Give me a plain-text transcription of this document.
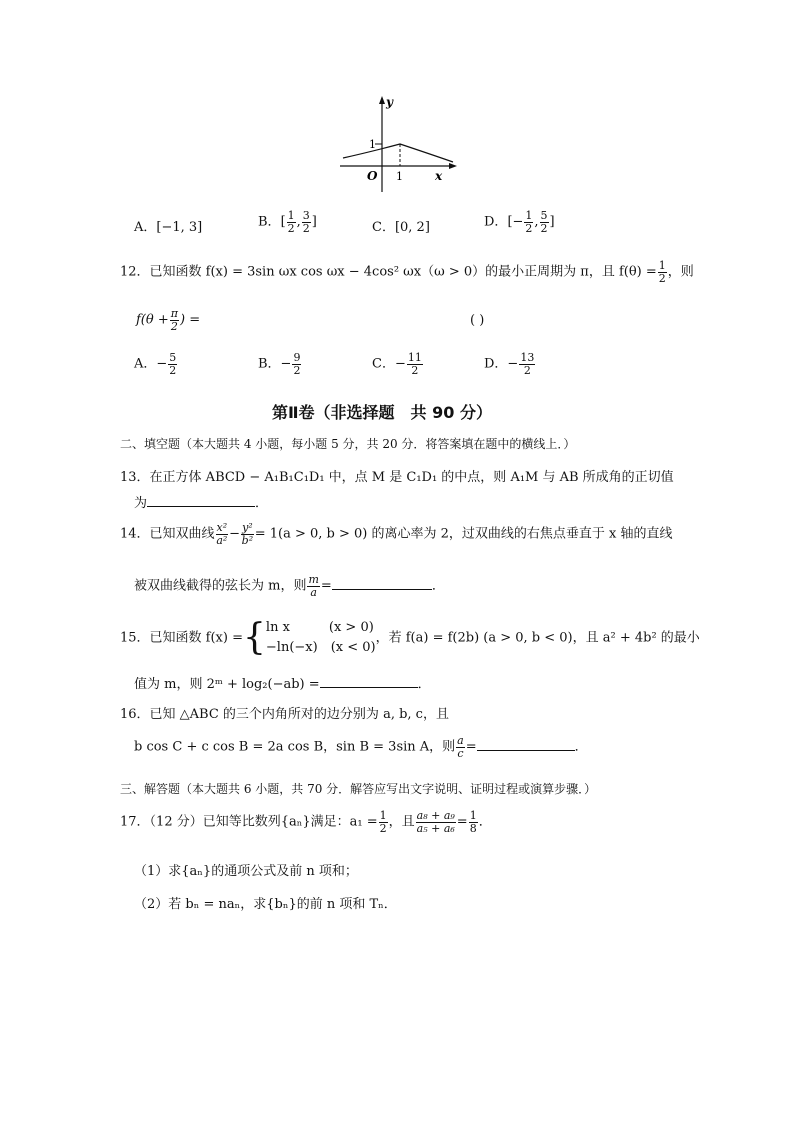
y
x
O 1
1
A．[−1, 3]	B．[ $\frac{1}{2}$ , $\frac{3}{2}$ ]	C．[0, 2]	D．[− $\frac{1}{2}$ , $\frac{5}{2}$ ]
12．已知函数 f(x) = 3sin ωx cos ωx − 4cos² ωx（ω > 0）的最小正周期为 π，且 $f(\theta) = \frac{1}{2}$ ，则
$f(\theta + \frac{\pi}{2}$ ) =	( )
A．− $\frac{5}{2}$	B．− $\frac{9}{2}$	C．− $\frac{11}{2}$	D．− $\frac{13}{2}$
第Ⅱ卷（非选择题　共 90 分）
二、填空题（本大题共 4 小题，每小题 5 分，共 20 分．将答案填在题中的横线上．）
13．在正方体 ABCD − A₁B₁C₁D₁ 中，点 M 是 C₁D₁ 的中点，则 A₁M 与 AB 所成角的正切值
为	．
14．已知双曲线 $\frac{\text{x²}}{\text{a²}} - \frac{\text{y²}}{\text{b²}} = 1(a > 0$, b > 0) 的离心率为 2，过双曲线的右焦点垂直于 x 轴的直线
被双曲线截得的弦长为 m，则 $\frac{m}{a}$ =	．
15．已知函数 f(x) ={ ln x　　　(x > 0)
−ln(−x)　(x < 0)
，若 f(a) = f(2b) (a > 0, b < 0)，且 a² + 4b² 的最小
值为 m，则 2ᵐ + log₂(−ab) =	．
16．已知 △ABC 的三个内角所对的边分别为 a, b, c，且
b cos C + c cos B = 2a cos B，sin B = 3sin A，则 $\frac{a}{c}$ =	．
三、解答题（本大题共 6 小题，共 70 分．解答应写出文字说明、证明过程或演算步骤．）
17．（12 分）已知等比数列{aₙ}满足：$a_1 = \frac{1}{2}$ ，且 $\frac{\text{a₈ + a₉}}{\text{a₅ + a₆}} = \frac{1}{8}$ ．
（1）求{aₙ}的通项公式及前 n 项和；
（2）若 bₙ = naₙ，求{bₙ}的前 n 项和 Tₙ．
